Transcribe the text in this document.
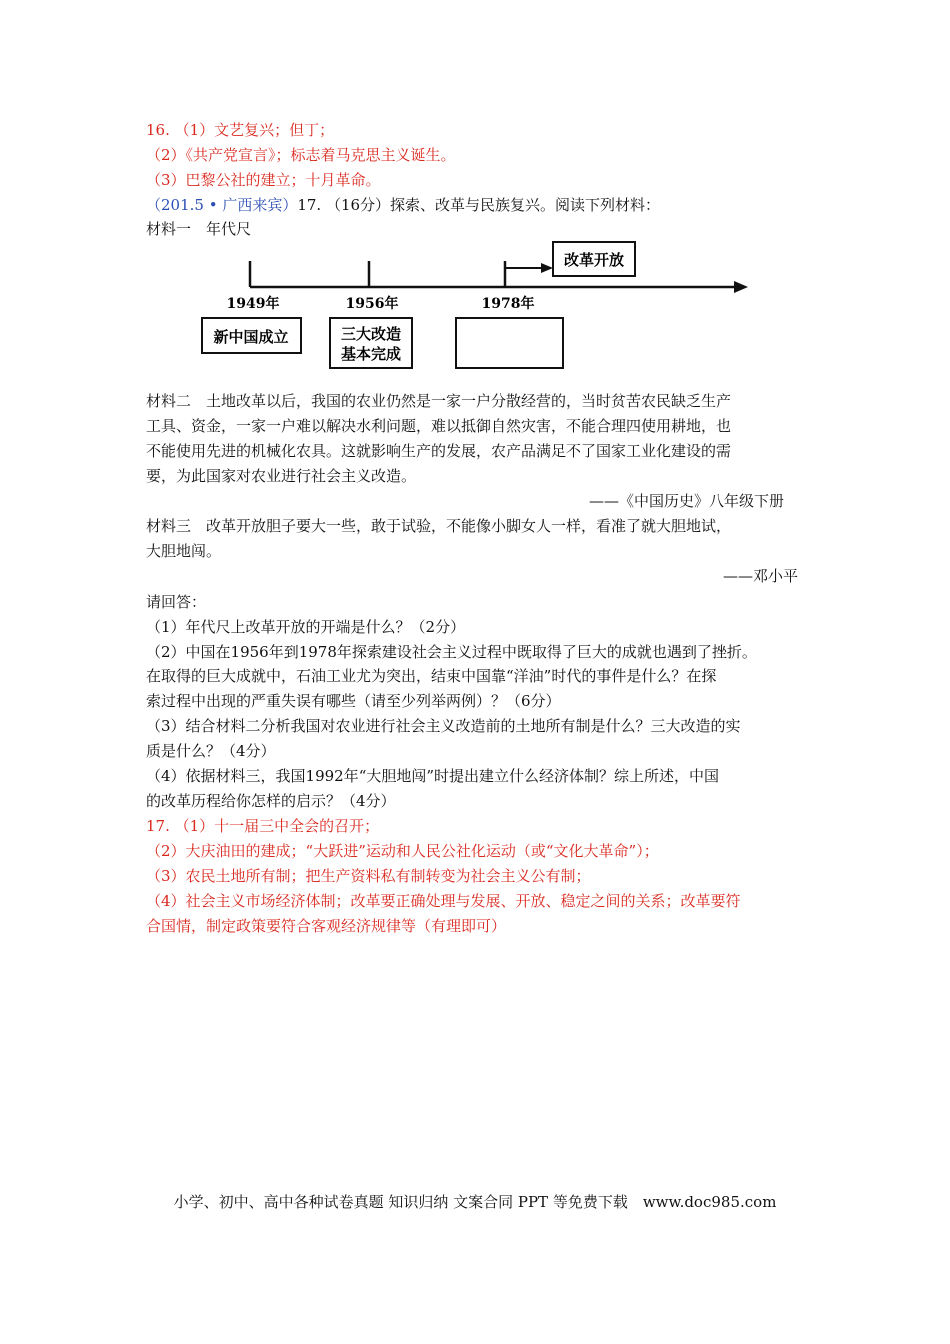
16. （1）文艺复兴；但丁；
（2）《共产党宣言》；标志着马克思主义诞生。
（3）巴黎公社的建立；十月革命。
（201.5 • 广西来宾）17. （16分）探索、改革与民族复兴。阅读下列材料：
材料一　年代尺
改革开放
1949年	1956年	1978年
新中国成立	三大改造
基本完成
材料二　土地改革以后，我国的农业仍然是一家一户分散经营的，当时贫苦农民缺乏生产
工具、资金，一家一户难以解决水利问题，难以抵御自然灾害，不能合理四使用耕地，也
不能使用先进的机械化农具。这就影响生产的发展，农产品满足不了国家工业化建设的需
要，为此国家对农业进行社会主义改造。
——《中国历史》八年级下册
材料三　改革开放胆子要大一些，敢于试验，不能像小脚女人一样，看准了就大胆地试，
大胆地闯。
——邓小平
请回答：
（1）年代尺上改革开放的开端是什么？（2分）
（2）中国在1956年到1978年探索建设社会主义过程中既取得了巨大的成就也遇到了挫折。
在取得的巨大成就中，石油工业尤为突出，结束中国靠“洋油”时代的事件是什么？在探
索过程中出现的严重失误有哪些（请至少列举两例）？（6分）
（3）结合材料二分析我国对农业进行社会主义改造前的土地所有制是什么？三大改造的实
质是什么？（4分）
（4）依据材料三，我国1992年“大胆地闯”时提出建立什么经济体制？综上所述，中国
的改革历程给你怎样的启示？（4分）
17. （1）十一届三中全会的召开；
（2）大庆油田的建成；“大跃进”运动和人民公社化运动（或“文化大革命”）；
（3）农民土地所有制；把生产资料私有制转变为社会主义公有制；
（4）社会主义市场经济体制；改革要正确处理与发展、开放、稳定之间的关系；改革要符
合国情，制定政策要符合客观经济规律等（有理即可）
小学、初中、高中各种试卷真题 知识归纳 文案合同 PPT 等免费下载　www.doc985.com
